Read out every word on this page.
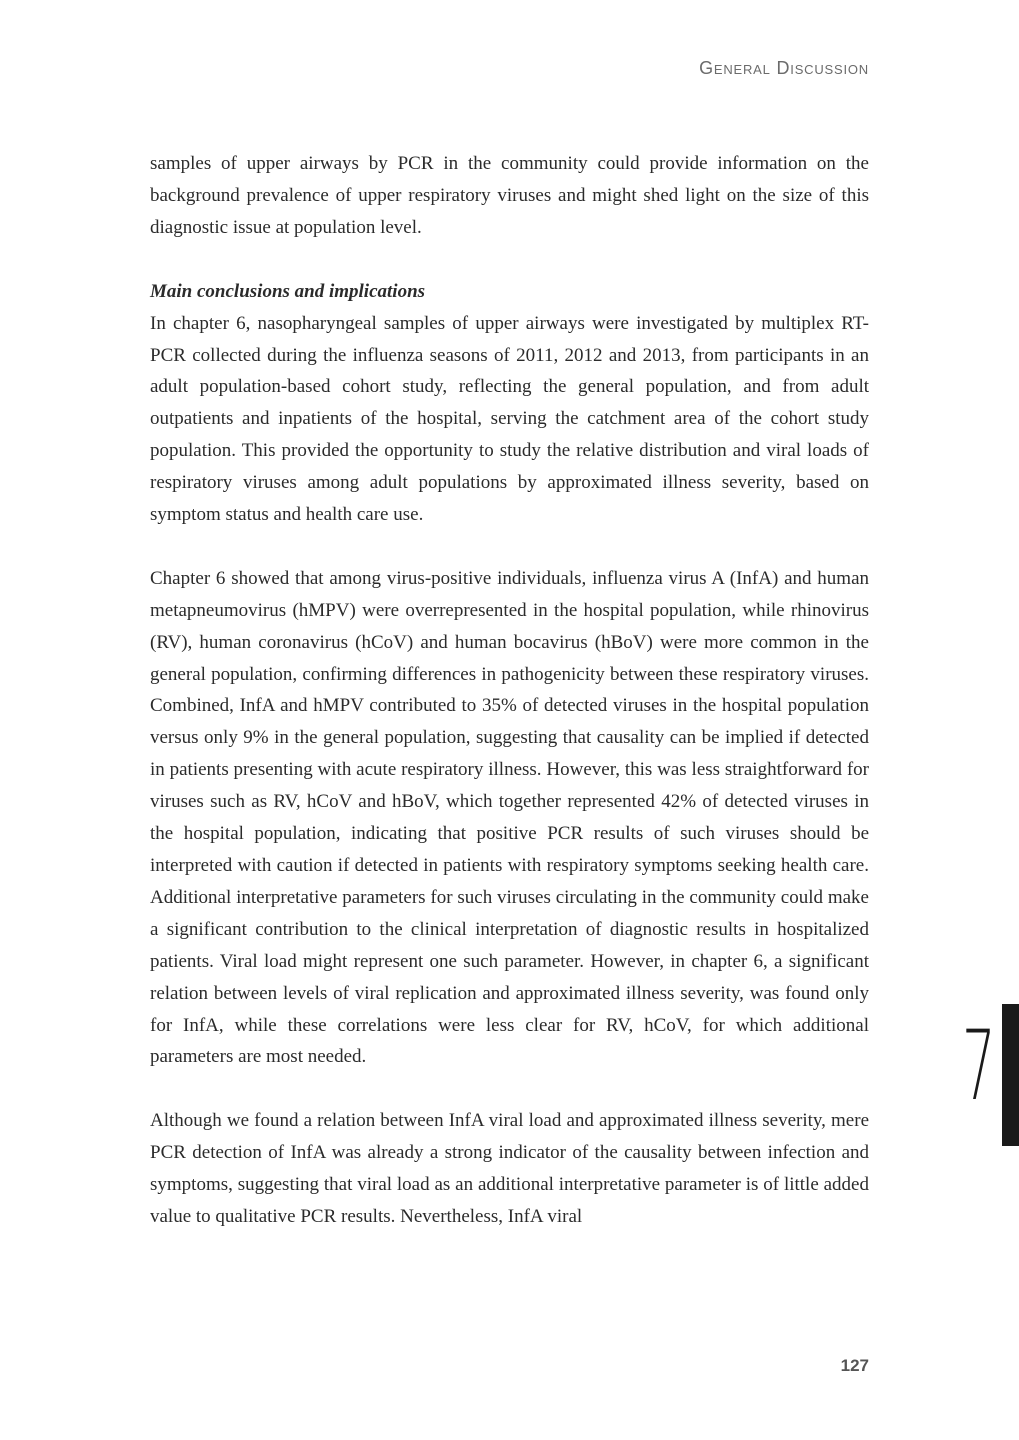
General Discussion

samples of upper airways by PCR in the community could provide information on the background prevalence of upper respiratory viruses and might shed light on the size of this diagnostic issue at population level.

Main conclusions and implications

In chapter 6, nasopharyngeal samples of upper airways were investigated by multiplex RT-PCR collected during the influenza seasons of 2011, 2012 and 2013, from participants in an adult population-based cohort study, reflecting the general population, and from adult outpatients and inpatients of the hospital, serving the catchment area of the cohort study population. This provided the opportunity to study the relative distribution and viral loads of respiratory viruses among adult populations by approximated illness severity, based on symptom status and health care use.

Chapter 6 showed that among virus-positive individuals, influenza virus A (InfA) and human metapneumovirus (hMPV) were overrepresented in the hospital population, while rhinovirus (RV), human coronavirus (hCoV) and human bocavirus (hBoV) were more common in the general population, confirming differences in pathogenicity between these respiratory viruses. Combined, InfA and hMPV contributed to 35% of detected viruses in the hospital population versus only 9% in the general population, suggesting that causality can be implied if detected in patients presenting with acute respiratory illness. However, this was less straightforward for viruses such as RV, hCoV and hBoV, which together represented 42% of detected viruses in the hospital population, indicating that positive PCR results of such viruses should be interpreted with caution if detected in patients with respiratory symptoms seeking health care. Additional interpretative parameters for such viruses circulating in the community could make a significant contribution to the clinical interpretation of diagnostic results in hospitalized patients. Viral load might represent one such parameter. However, in chapter 6, a significant relation between levels of viral replication and approximated illness severity, was found only for InfA, while these correlations were less clear for RV, hCoV, for which additional parameters are most needed.

Although we found a relation between InfA viral load and approximated illness severity, mere PCR detection of InfA was already a strong indicator of the causality between infection and symptoms, suggesting that viral load as an additional interpretative parameter is of little added value to qualitative PCR results. Nevertheless, InfA viral

7
127
